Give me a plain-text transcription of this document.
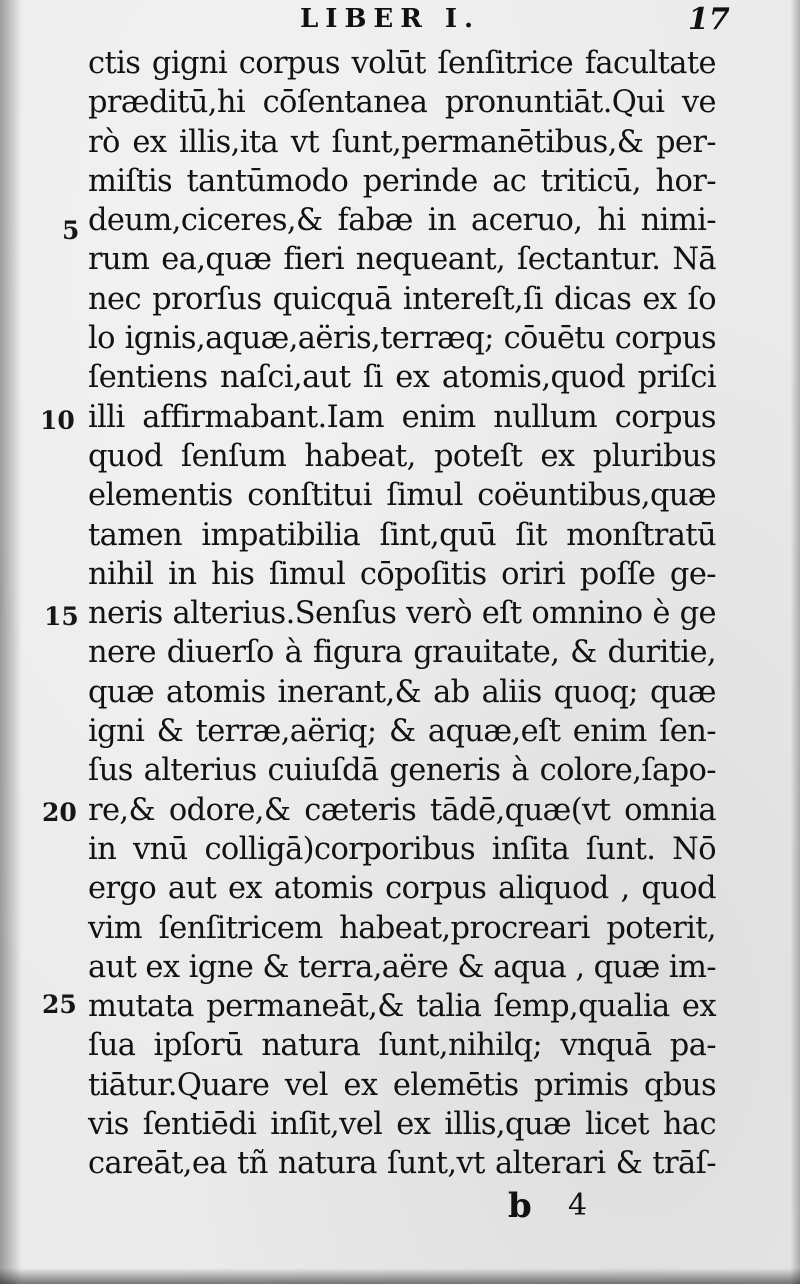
LIBER I.	17
5
10
15
20
25
ctis gigni corpus volūt ſenſitrice facultate
præditū,hi cōſentanea pronuntiāt.Qui ve
rò ex illis,ita vt ſunt,permanētibus,& per-
miſtis tantūmodo perinde ac triticū, hor-
deum,ciceres,& fabæ in aceruo, hi nimi-
rum ea,quæ fieri nequeant, ſectantur. Nā
nec prorſus quicquā intereſt,ſi dicas ex ſo
lo ignis,aquæ,aëris,terræq; cōuētu corpus
ſentiens naſci,aut ſi ex atomis,quod priſci
illi affirmabant.Iam enim nullum corpus
quod ſenſum habeat, poteſt ex pluribus
elementis conſtitui ſimul coëuntibus,quæ
tamen impatibilia ſint,quū ſit monſtratū
nihil in his ſimul cōpoſitis oriri poſſe ge-
neris alterius.Senſus verò eſt omnino è ge
nere diuerſo à figura grauitate, & duritie,
quæ atomis inerant,& ab aliis quoq; quæ
igni & terræ,aëriq; & aquæ,eſt enim ſen-
ſus alterius cuiuſdā generis à colore,ſapo-
re,& odore,& cæteris tādē,quæ(vt omnia
in vnū colligā)corporibus inſita ſunt. Nō
ergo aut ex atomis corpus aliquod , quod
vim ſenſitricem habeat,procreari poterit,
aut ex igne & terra,aëre & aqua , quæ im-
mutata permaneāt,& talia ſemp,qualia ex
ſua ipſorū natura ſunt,nihilq; vnquā pa-
tiātur.Quare vel ex elemētis primis qbus
vis ſentiēdi inſit,vel ex illis,quæ licet hac
careāt,ea tñ natura ſunt,vt alterari & trāſ-
b 4
